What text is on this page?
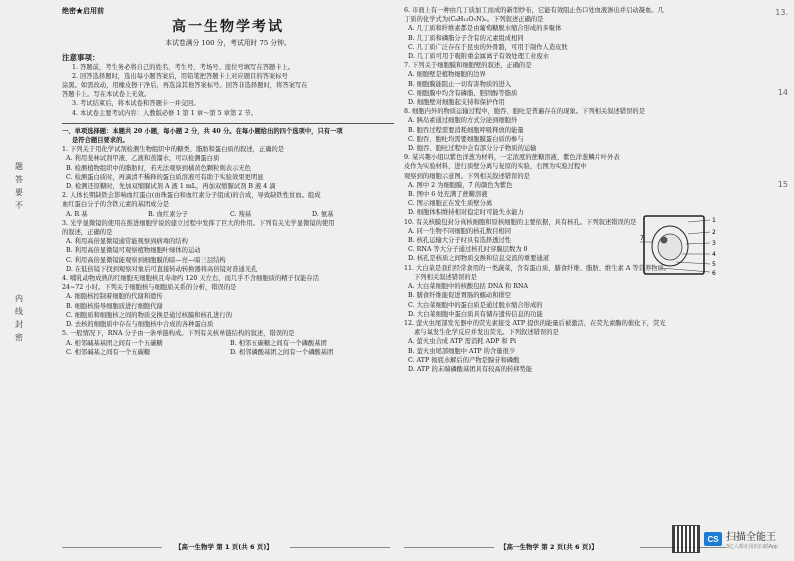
题
答
要
不
内
线
封
密
绝密★启用前
高一生物学考试
本试卷满分 100 分，考试用时 75 分钟。
注意事项：
1. 答题前，考生务必将自己的姓名、考生号、考场号、座位号填写在答题卡上。
2. 回答选择题时，选出每小题答案后，用铅笔把答题卡上对应题目的答案标号
涂黑。如需改动，用橡皮擦干净后，再选涂其他答案标号。回答非选择题时，将答案写在
答题卡上。写在本试卷上无效。
3. 考试结束后，将本试卷和答题卡一并交回。
4. 本试卷主要考试内容：人教版必修 1 第 1 章～第 5 章第 2 节。
一、单项选择题：本题共 20 小题，每小题 2 分，共 40 分。在每小题给出的四个选项中，只有一项
是符合题目要求的。
1. 下列关于用化学试剂检测生物组织中的糖类、脂肪和蛋白质的叙述，正确的是
A. 利用斐林试剂甲液、乙液和蒸馏水，可以检测蛋白质
B. 检测植物组织中的脂肪时，若无法观察到橘黄色颗粒则表示无色
C. 检测蛋白质时，再滴清不稀释的蛋白质溶液可有助于实验效果更明显
D. 检测还原糖时，先加双缩脲试剂 A 液 1 mL，再加双缩脲试剂 B 液 4 滴
2. 人体长期缺铁会影响血红蛋白(由珠蛋白和血红素分子组成)的合成，导致缺铁性贫血。组成
血红蛋白分子的含铁元素的基团成分是
A. R 基	B. 血红素分子	C. 羧基	D. 氨基
3. 光学显微镜的使用在推进细胞学说的建立过程中发挥了巨大的作用。下列有关光学显微镜的使用
的叙述，正确的是
A. 利用高倍显微镜通常能观察到病毒的结构
B. 利用高倍显微镜可观察植物细胞叶绿体的运动
C. 利用高倍显微镜能观察到细胞膜的暗—亮—暗三层结构
D. 在低倍镜下找到观察对象后可直接转动转换器将高倍镜对准通光孔
4. 哺乳动物成熟的红细胞无细胞核且寿命约 120 天左右，而几乎不含细胞质的精子仅能存活
24~72 小时。下列关于细胞核与细胞质关系的分析，错误的是
A. 细胞核控制着细胞的代谢和遗传
B. 细胞核指导细胞质进行细胞代谢
C. 细胞质和细胞核之间的物质交换是通过核膜和核孔进行的
D. 去核的细胞质中存在与细胞核中合成的各种蛋白质
5. 一般情况下，RNA 分子由一条单链构成。下列有关核单链结构的叙述，错误的是
A. 相邻碱基基团之间有一个五碳糖	B. 相邻五碳糖之间有一个磷酸基团
C. 相邻碱基之间有一个五碳糖	D. 相邻磷酸基团之间有一个磷酸基团
【高一生物学 第 1 页(共 6 页)】
6. 市面上有一种由几丁质加工而成的新型纱布，它能有效阻止伤口处血液渗出并启动凝血。几
丁质的化学式为(C₈H₁₃O₅N)ₙ。下列叙述正确的是
A. 几丁质和纤维素都是由葡萄糖脱水缩合形成的多聚体
B. 几丁质和磷脂分子含有的元素组成相同
C. 几丁质广泛存在于昆虫的外骨骼，可用于制作人造皮肤
D. 几丁质可用于吸附重金属离子有效处理工业废水
7. 下列关于细胞膜和细胞壁的叙述，正确的是
A. 细胞壁是植物细胞的边界
B. 细胞膜能阻止一切有害物质的进入
C. 细胞膜中均含有磷脂、胆固醇等脂质
D. 细胞壁对细胞起支持和保护作用
8. 细胞内外的物质运输过程中，胞吞、胞吐是普遍存在的现象。下列相关叙述错误的是
A. 胰岛素通过细胞的方式分泌到细胞外
B. 胞吞过程需要消耗细胞呼吸释放的能量
C. 胞吞、胞吐均需要细胞膜蛋白质的参与
D. 胞吞、胞吐过程中会有部分分子物质的运输
9. 某兴趣小组以紫色洋葱为材料，一定浓度的蔗糖溶液、紫色洋葱鳞片叶外表
皮作为实验材料，进行质壁分离与复原的实验，右图为实验过程中
观察到的细胞示意图。下列相关叙述错误的是
A. 图中 2 为细胞膜，7 的颜色为紫色
B. 图中 6 处充满了蔗糖溶液
C. 图示细胞正在发生质壁分离
D. 细胞体积维持相对稳定时可能失水能力
10. 有关核膜包封分真核细胞和原核细胞的主要依据，具有核孔。下列叙述错误的是
A. 同一生物不同细胞的核孔数目相同
B. 核孔运输大分子时具有选择透过性
C. RNA 等大分子通过核孔时穿膜层数为 0
D. 核孔是核质之间物质交换和信息交流的重要通道
11. 大白菜是我们经常食用的一类蔬菜，含有蛋白质、膳食纤维、脂肪、维生素 A 等营养物质。
下列相关叙述错误的是
A. 大白菜细胞中的核酸包括 DNA 和 RNA
B. 膳食纤维能促进胃肠的蠕动和排空
C. 大白菜细胞中的蛋白质是通过脱水缩合形成的
D. 大白菜细胞中蛋白质具有储存遗传信息的功能
12. 萤火虫尾部发光器中的荧光素接受 ATP 提供的能量后被激活，在荧光素酶的催化下，荧光
素与氧发生化学反应并发出荧光。下列叙述错误的是
A. 萤火虫合成 ATP 需消耗 ADP 和 Pi
B. 萤火虫尾部细胞中 ATP 的含量很少
C. ATP 彻底水解后的产物是腺苷和磷酸
D. ATP 的末端磷酸基团具有较高的转移势能
1
2
3
4
5
6
7
【高一生物学 第 2 页(共 6 页)】
13.
14
15
CS 扫描全能王
3亿人都在用的扫描App
